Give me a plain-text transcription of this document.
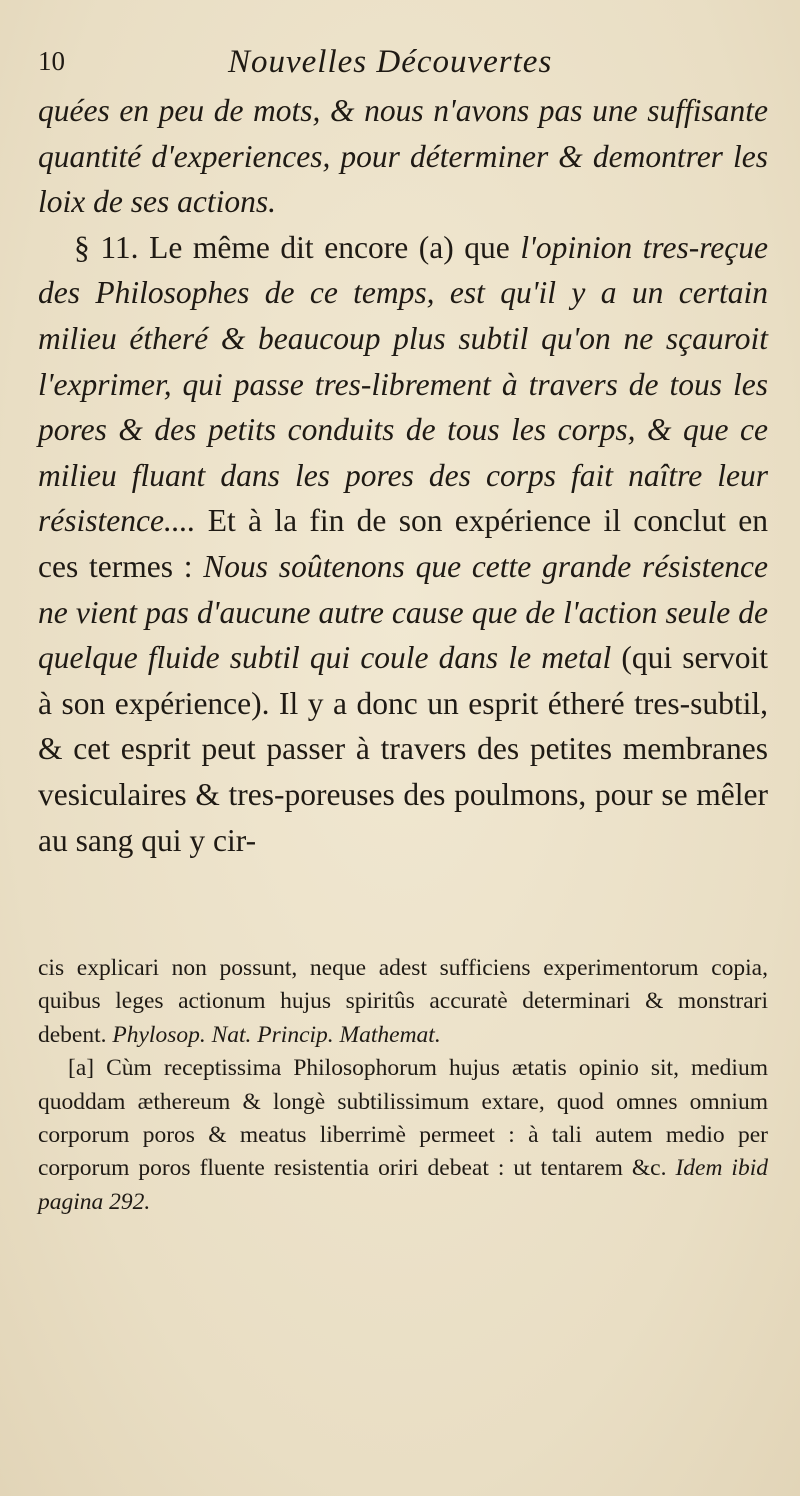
10	Nouvelles Découvertes

quées en peu de mots, & nous n'avons pas une suffisante quantité d'experiences, pour déterminer & demontrer les loix de ses actions.

§ 11. Le même dit encore (a) que l'opinion tres-reçue des Philosophes de ce temps, est qu'il y a un certain milieu étheré & beaucoup plus subtil qu'on ne sçauroit l'exprimer, qui passe tres-librement à travers de tous les pores & des petits conduits de tous les corps, & que ce milieu fluant dans les pores des corps fait naître leur résistence.... Et à la fin de son expérience il conclut en ces termes : Nous soûtenons que cette grande résistence ne vient pas d'aucune autre cause que de l'action seule de quelque fluide subtil qui coule dans le metal (qui servoit à son expérience). Il y a donc un esprit étheré tres-subtil, & cet esprit peut passer à travers des petites membranes vesiculaires & tres-poreuses des poulmons, pour se mêler au sang qui y cir-

cis explicari non possunt, neque adest sufficiens experimentorum copia, quibus leges actionum hujus spiritûs accuratè determinari & monstrari debent. Phylosop. Nat. Princip. Mathemat.

[a] Cùm receptissima Philosophorum hujus ætatis opinio sit, medium quoddam æthereum & longè subtilissimum extare, quod omnes omnium corporum poros & meatus liberrimè permeet : à tali autem medio per corporum poros fluente resistentia oriri debeat : ut tentarem &c. Idem ibid pagina 292.
